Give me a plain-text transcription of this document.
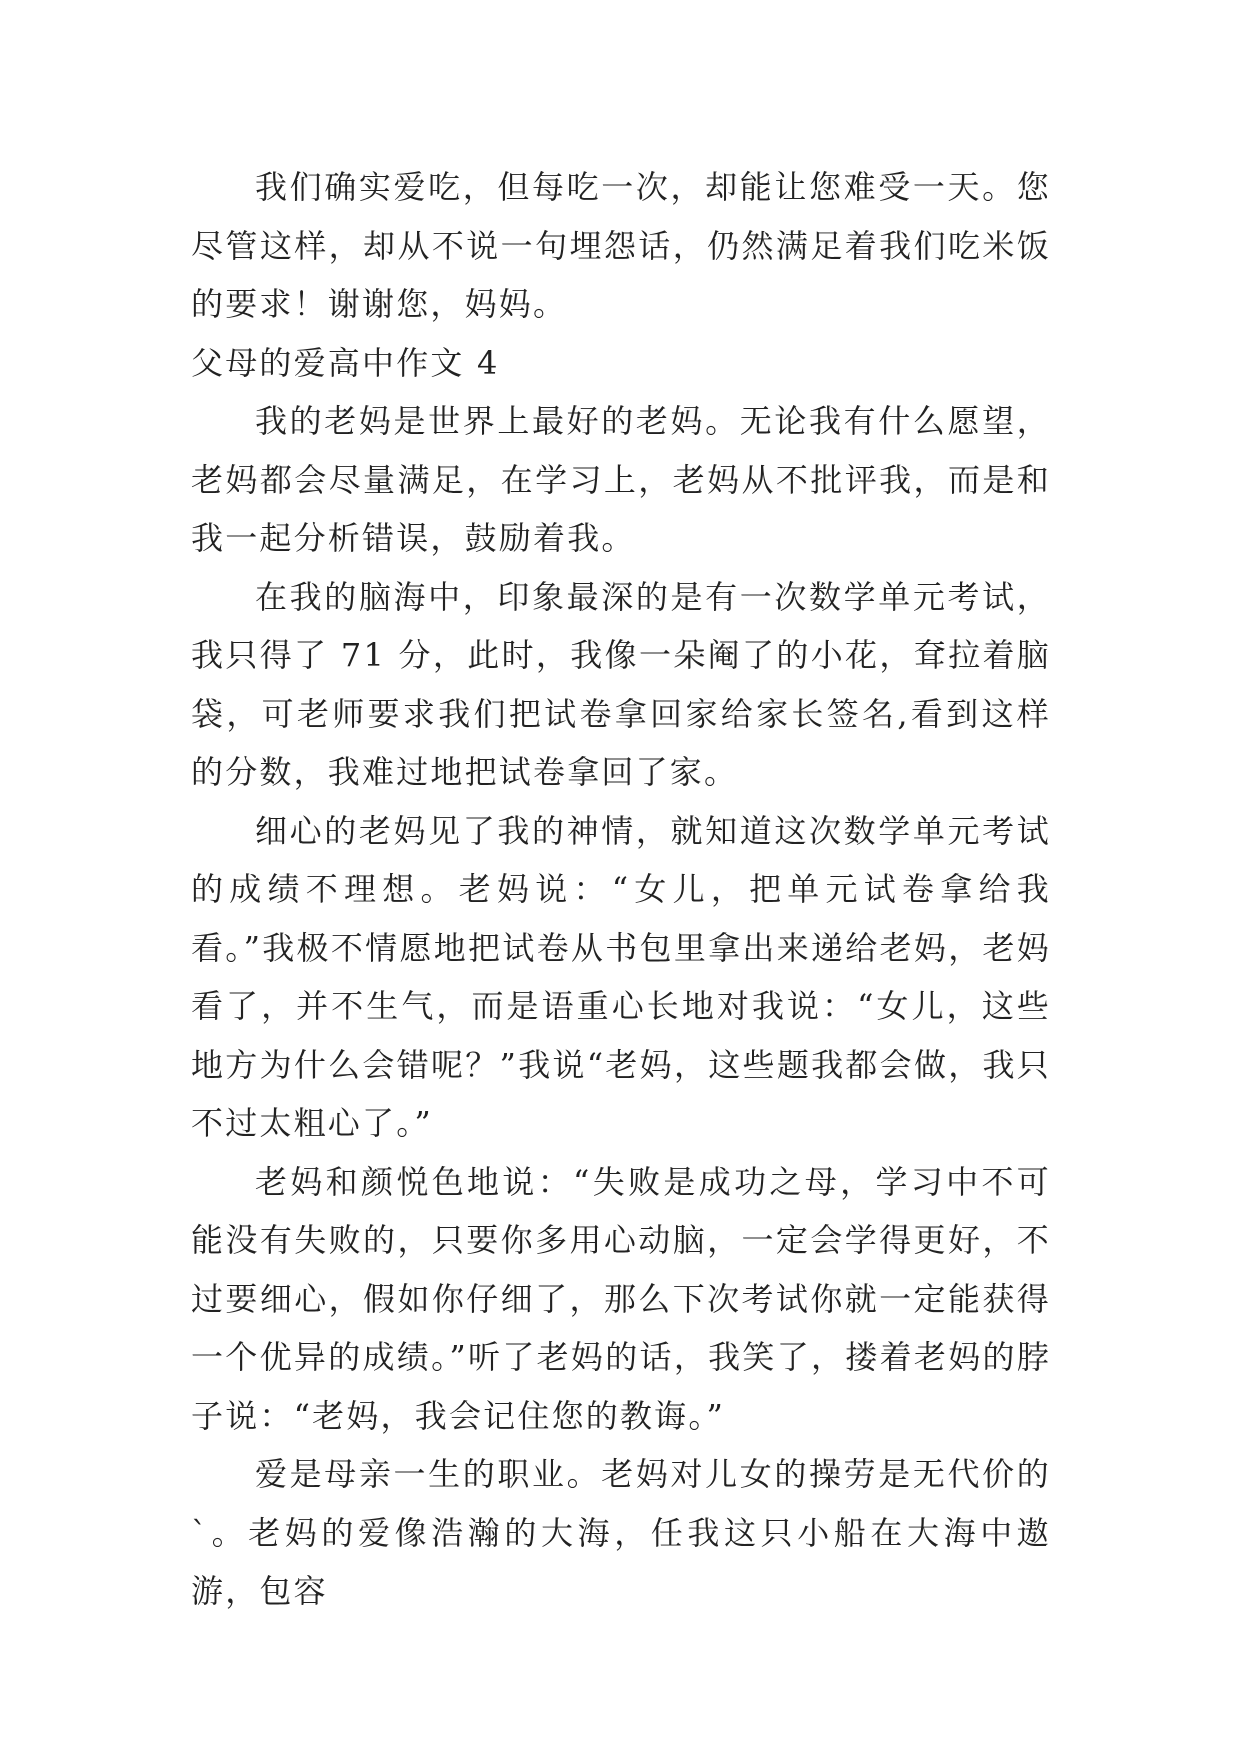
我们确实爱吃，但每吃一次，却能让您难受一天。您尽管这样，却从不说一句埋怨话，仍然满足着我们吃米饭的要求！谢谢您，妈妈。

父母的爱高中作文 4

我的老妈是世界上最好的老妈。无论我有什么愿望，老妈都会尽量满足，在学习上，老妈从不批评我，而是和我一起分析错误，鼓励着我。

在我的脑海中，印象最深的是有一次数学单元考试，我只得了 71 分，此时，我像一朵阉了的小花，耷拉着脑袋，可老师要求我们把试卷拿回家给家长签名,看到这样的分数，我难过地把试卷拿回了家。

细心的老妈见了我的神情，就知道这次数学单元考试的成绩不理想。老妈说：“女儿，把单元试卷拿给我看。”我极不情愿地把试卷从书包里拿出来递给老妈，老妈看了，并不生气，而是语重心长地对我说：“女儿，这些地方为什么会错呢？”我说“老妈，这些题我都会做，我只不过太粗心了。”

老妈和颜悦色地说：“失败是成功之母，学习中不可能没有失败的，只要你多用心动脑，一定会学得更好，不过要细心，假如你仔细了，那么下次考试你就一定能获得一个优异的成绩。”听了老妈的话，我笑了，搂着老妈的脖子说：“老妈，我会记住您的教诲。”

爱是母亲一生的职业。老妈对儿女的操劳是无代价的`。老妈的爱像浩瀚的大海，任我这只小船在大海中遨游，包容
